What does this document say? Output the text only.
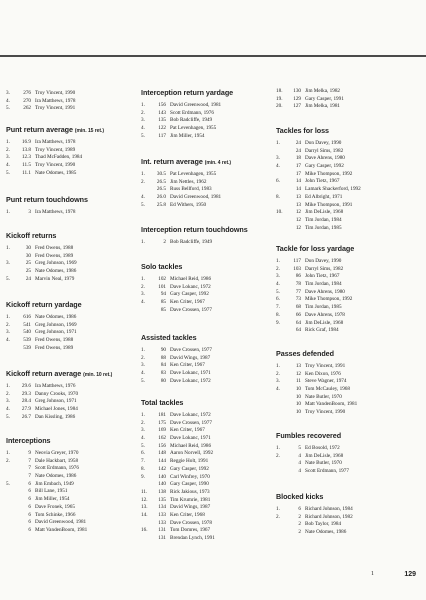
3.	276 Troy Vincent, 1990
4.	270 Ira Matthews, 1978
5.	262 Troy Vincent, 1991
Punt return average (min. 15 ret.)
1.	16.9 Ira Matthews, 1978
2.	13.8 Troy Vincent, 1989
3.	12.3 Thad McFadden, 1984
4.	11.5 Troy Vincent, 1990
5.	11.1 Nate Odomes, 1985
Punt return touchdowns
1.	3 Ira Matthews, 1978
Kickoff returns
1.	30 Fred Owens, 1988
30 Fred Owens, 1989
3.	25 Greg Johnson, 1969
25 Nate Odomes, 1986
5.	24 Marvin Neal, 1979
Kickoff return yardage
1.	616 Nate Odomes, 1986
2.	541 Greg Johnson, 1969
3.	540 Greg Johnson, 1971
4.	539 Fred Owens, 1988
539 Fred Owens, 1989
Kickoff return average (min. 10 ret.)
1.	29.6 Ira Matthews, 1976
2.	29.3 Danny Crooks, 1970
3.	28.4 Greg Johnson, 1971
4.	27.9 Michael Jones, 1984
5.	26.7 Dan Kissling, 1986
Interceptions
1.	9 Neovia Greyer, 1970
2.	7 Dale Hackbart, 1958
7 Scott Erdmann, 1976
7 Nate Odomes, 1986
5.	6 Jim Embach, 1949
6 Bill Lane, 1951
6 Jim Miller, 1954
6 Dave Fronek, 1965
6 Tom Schinke, 1966
6 David Greenwood, 1981
6 Matt VandenBoom, 1981
Interception return yardage
1.	156 David Greenwood, 1981
2.	143 Scott Erdmann, 1976
3.	135 Bob Radcliffe, 1949
4.	122 Pat Levenhagen, 1955
5.	117 Jim Miller, 1954
Int. return average (min. 4 ret.)
1.	30.5 Pat Levenhagen, 1955
2.	26.5 Jim Nettles, 1962
26.5 Russ Bellford, 1983
4.	26.0 David Greenwood, 1981
5.	25.8 Ed Withers, 1950
Interception return touchdowns
1.	2 Bob Radcliffe, 1949
Solo tackles
1.	102 Michael Reid, 1986
2.	101 Dave Lokanc, 1972
3.	94 Gary Casper, 1992
4.	85 Ken Criter, 1967
85 Dave Crossen, 1977
Assisted tackles
1.	90 Dave Crossen, 1977
2.	88 David Wings, 1987
3.	84 Ken Criter, 1967
4.	83 Dave Lokanc, 1971
5.	80 Dave Lokanc, 1972
Total tackles
1.	181 Dave Lokanc, 1972
2.	175 Dave Crossen, 1977
3.	169 Ken Criter, 1967
4.	162 Dave Lokanc, 1971
5.	156 Michael Reid, 1986
6.	148 Aaron Norvell, 1992
7.	144 Reggie Holt, 1991
8.	142 Gary Casper, 1992
9.	140 Carl Winfrey, 1970
140 Gary Casper, 1990
11.	138 Rick Jakious, 1973
12.	135 Tim Krumrie, 1981
13.	134 David Wings, 1987
14.	133 Ken Criter, 1968
133 Dave Crossen, 1978
16.	131 Tom Domres, 1967
131 Brendan Lynch, 1991
18.	130 Jim Melka, 1982
19.	129 Gary Casper, 1991
20.	127 Jim Melka, 1981
Tackles for loss
1.	24 Don Davey, 1990
24 Darryl Sims, 1982
3.	18 Dave Ahrens, 1980
4.	17 Gary Casper, 1992
17 Mike Thompson, 1992
6.	14 John Tietz, 1967
14 Lamark Shackerford, 1992
8.	13 Ed Albright, 1971
13 Mike Thompson, 1991
10.	12 Jim DeLisle, 1968
12 Tim Jordan, 1984
12 Tim Jordan, 1985
Tackle for loss yardage
1.	117 Don Davey, 1990
2.	103 Darryl Sims, 1982
3.	86 John Tietz, 1967
4.	78 Tim Jordan, 1984
5.	77 Dave Ahrens, 1980
6.	73 Mike Thompson, 1992
7.	68 Tim Jordan, 1985
8.	66 Dave Ahrens, 1978
9.	64 Jim DeLisle, 1968
64 Rick Graf, 1984
Passes defended
1.	13 Troy Vincent, 1991
2.	12 Ken Dixon, 1976
3.	11 Steve Wagner, 1974
4.	10 Tom McCauley, 1968
10 Nate Butler, 1970
10 Matt VandenBoom, 1981
10 Troy Vincent, 1990
Fumbles recovered
1.	5 Ed Bosold, 1972
2.	4 Jim DeLisle, 1968
4 Nate Butler, 1970
4 Scott Erdmann, 1977
Blocked kicks
1.	6 Richard Johnson, 1984
2.	2 Richard Johnson, 1982
2 Bob Taylor, 1984
2 Nate Odomes, 1986
1	129
